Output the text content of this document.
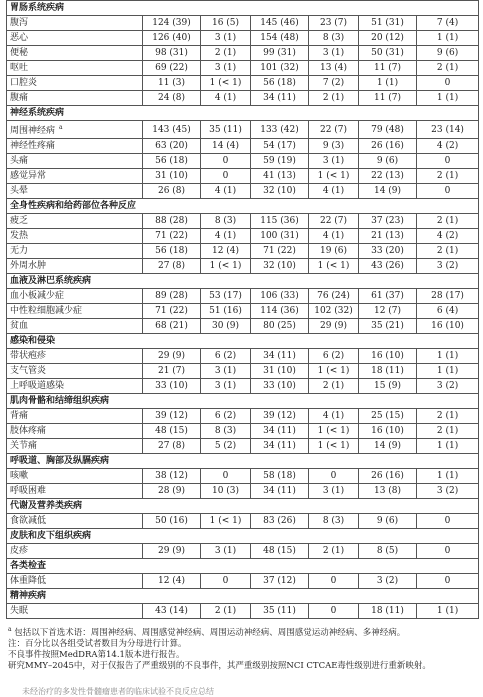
胃肠系统疾病						
腹泻	124 (39)	16 (5)	145 (46)	23 (7)	51 (31)	7 (4)
恶心	126 (40)	3 (1)	154 (48)	8 (3)	20 (12)	1 (1)
便秘	98 (31)	2 (1)	99 (31)	3 (1)	50 (31)	9 (6)
呕吐	69 (22)	3 (1)	101 (32)	13 (4)	11 (7)	2 (1)
口腔炎	11 (3)	1 (< 1)	56 (18)	7 (2)	1 (1)	0
腹痛	24 (8)	4 (1)	34 (11)	2 (1)	11 (7)	1 (1)
神经系统疾病						
周围神经病 $^a$	143 (45)	35 (11)	133 (42)	22 (7)	79 (48)	23 (14)
神经性疼痛	63 (20)	14 (4)	54 (17)	9 (3)	26 (16)	4 (2)
头痛	56 (18)	0	59 (19)	3 (1)	9 (6)	0
感觉异常	31 (10)	0	41 (13)	1 (< 1)	22 (13)	2 (1)
头晕	26 (8)	4 (1)	32 (10)	4 (1)	14 (9)	0
全身性疾病和给药部位各种反应						
疲乏	88 (28)	8 (3)	115 (36)	22 (7)	37 (23)	2 (1)
发热	71 (22)	4 (1)	100 (31)	4 (1)	21 (13)	4 (2)
无力	56 (18)	12 (4)	71 (22)	19 (6)	33 (20)	2 (1)
外周水肿	27 (8)	1 (< 1)	32 (10)	1 (< 1)	43 (26)	3 (2)
血液及淋巴系统疾病						
血小板减少症	89 (28)	53 (17)	106 (33)	76 (24)	61 (37)	28 (17)
中性粒细胞减少症	71 (22)	51 (16)	114 (36)	102 (32)	12 (7)	6 (4)
贫血	68 (21)	30 (9)	80 (25)	29 (9)	35 (21)	16 (10)
感染和侵染						
带状疱疹	29 (9)	6 (2)	34 (11)	6 (2)	16 (10)	1 (1)
支气管炎	21 (7)	3 (1)	31 (10)	1 (< 1)	18 (11)	1 (1)
上呼吸道感染	33 (10)	3 (1)	33 (10)	2 (1)	15 (9)	3 (2)
肌肉骨骼和结缔组织疾病						
背痛	39 (12)	6 (2)	39 (12)	4 (1)	25 (15)	2 (1)
肢体疼痛	48 (15)	8 (3)	34 (11)	1 (< 1)	16 (10)	2 (1)
关节痛	27 (8)	5 (2)	34 (11)	1 (< 1)	14 (9)	1 (1)
呼吸道、胸部及纵膈疾病						
咳嗽	38 (12)	0	58 (18)	0	26 (16)	1 (1)
呼吸困难	28 (9)	10 (3)	34 (11)	3 (1)	13 (8)	3 (2)
代谢及营养类疾病						
食欲减低	50 (16)	1 (< 1)	83 (26)	8 (3)	9 (6)	0
皮肤和皮下组织疾病						
皮疹	29 (9)	3 (1)	48 (15)	2 (1)	8 (5)	0
各类检查						
体重降低	12 (4)	0	37 (12)	0	3 (2)	0
精神疾病						
失眠	43 (14)	2 (1)	35 (11)	0	18 (11)	1 (1)

$^a$ 包括以下首选术语：周围神经病、周围感觉神经病、周围运动神经病、周围感觉运动神经病、多神经病。

注：百分比以各组受试者数目为分母进行计算。

不良事件按照MedDRA第14.1版本进行报告。

研究MMY–2045中，对于仅报告了严重级别的不良事件，其严重级别按照NCI CTCAE毒性级别进行重新映射。

未经治疗的多发性骨髓瘤患者的临床试验不良反应总结
